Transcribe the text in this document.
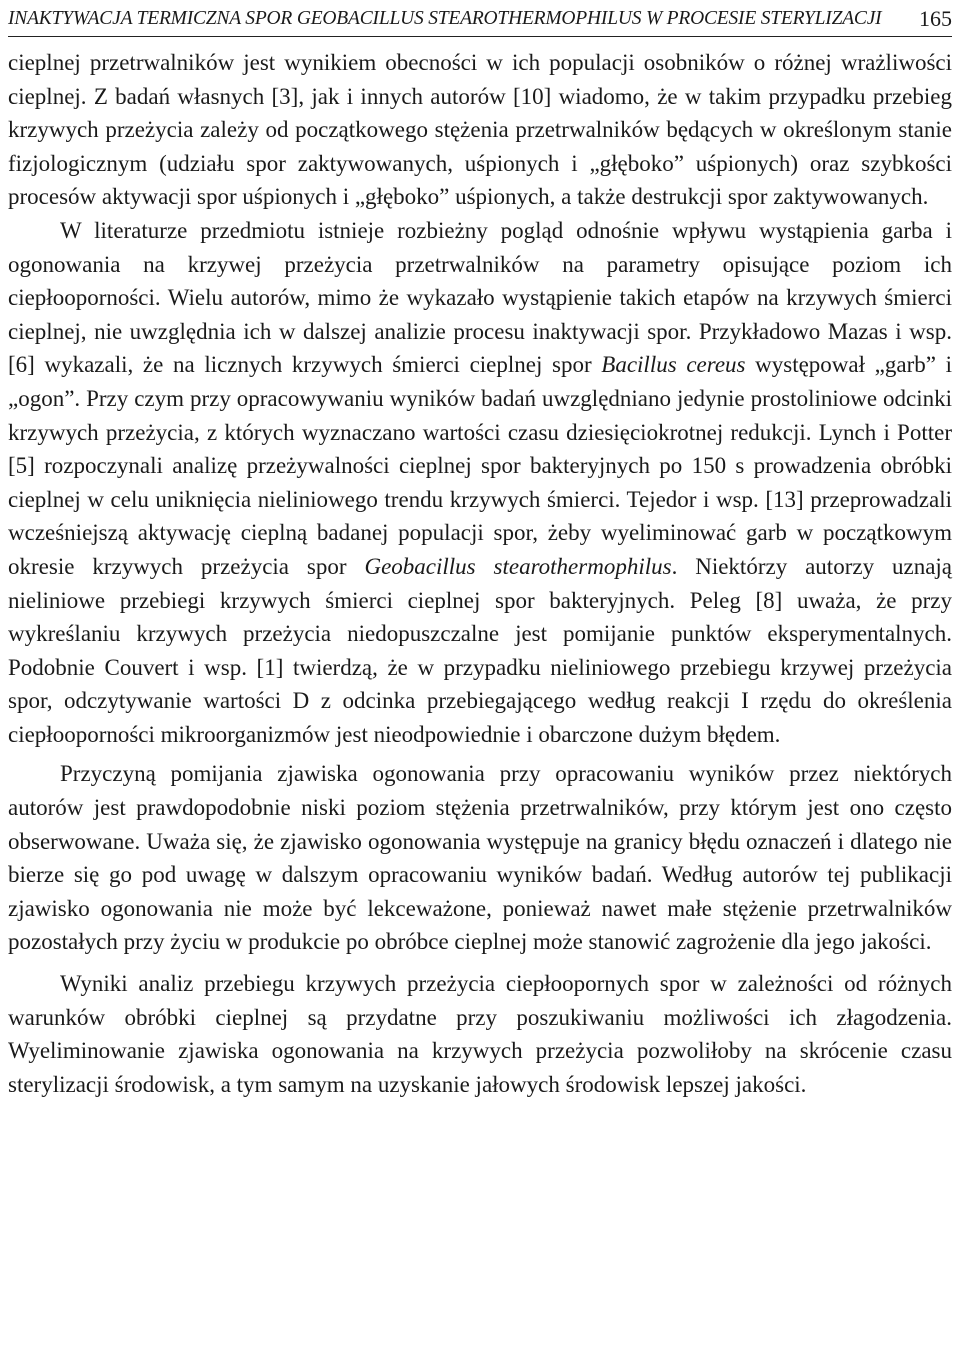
INAKTYWACJA TERMICZNA SPOR GEOBACILLUS STEAROTHERMOPHILUS W PROCESIE STERYLIZACJI 165

cieplnej przetrwalników jest wynikiem obecności w ich populacji osobników o różnej wrażliwości cieplnej. Z badań własnych [3], jak i innych autorów [10] wiadomo, że w takim przypadku przebieg krzywych przeżycia zależy od początkowego stężenia przetrwalników będących w określonym stanie fizjologicznym (udziału spor zaktywowanych, uśpionych i „głęboko” uśpionych) oraz szybkości procesów aktywacji spor uśpionych i „głęboko” uśpionych, a także destrukcji spor zaktywowanych.

W literaturze przedmiotu istnieje rozbieżny pogląd odnośnie wpływu wystąpienia garba i ogonowania na krzywej przeżycia przetrwalników na parametry opisujące poziom ich ciepłooporności. Wielu autorów, mimo że wykazało wystąpienie takich etapów na krzywych śmierci cieplnej, nie uwzględnia ich w dalszej analizie procesu inaktywacji spor. Przykładowo Mazas i wsp. [6] wykazali, że na licznych krzywych śmierci cieplnej spor Bacillus cereus występował „garb” i „ogon”. Przy czym przy opracowywaniu wyników badań uwzględniano jedynie prostoliniowe odcinki krzywych przeżycia, z których wyznaczano wartości czasu dziesięciokrotnej redukcji. Lynch i Potter [5] rozpoczynali analizę przeżywalności cieplnej spor bakteryjnych po 150 s prowadzenia obróbki cieplnej w celu uniknięcia nieliniowego trendu krzywych śmierci. Tejedor i wsp. [13] przeprowadzali wcześniejszą aktywację cieplną badanej populacji spor, żeby wyeliminować garb w początkowym okresie krzywych przeżycia spor Geobacillus stearothermophilus. Niektórzy autorzy uznają nieliniowe przebiegi krzywych śmierci cieplnej spor bakteryjnych. Peleg [8] uważa, że przy wykreślaniu krzywych przeżycia niedopuszczalne jest pomijanie punktów eksperymentalnych. Podobnie Couvert i wsp. [1] twierdzą, że w przypadku nieliniowego przebiegu krzywej przeżycia spor, odczytywanie wartości D z odcinka przebiegającego według reakcji I rzędu do określenia ciepłooporności mikroorganizmów jest nieodpowiednie i obarczone dużym błędem.

Przyczyną pomijania zjawiska ogonowania przy opracowaniu wyników przez niektórych autorów jest prawdopodobnie niski poziom stężenia przetrwalników, przy którym jest ono często obserwowane. Uważa się, że zjawisko ogonowania występuje na granicy błędu oznaczeń i dlatego nie bierze się go pod uwagę w dalszym opracowaniu wyników badań. Według autorów tej publikacji zjawisko ogonowania nie może być lekceważone, ponieważ nawet małe stężenie przetrwalników pozostałych przy życiu w produkcie po obróbce cieplnej może stanowić zagrożenie dla jego jakości.

Wyniki analiz przebiegu krzywych przeżycia ciepłoopornych spor w zależności od różnych warunków obróbki cieplnej są przydatne przy poszukiwaniu możliwości ich złagodzenia. Wyeliminowanie zjawiska ogonowania na krzywych przeżycia pozwoliłoby na skrócenie czasu sterylizacji środowisk, a tym samym na uzyskanie jałowych środowisk lepszej jakości.
